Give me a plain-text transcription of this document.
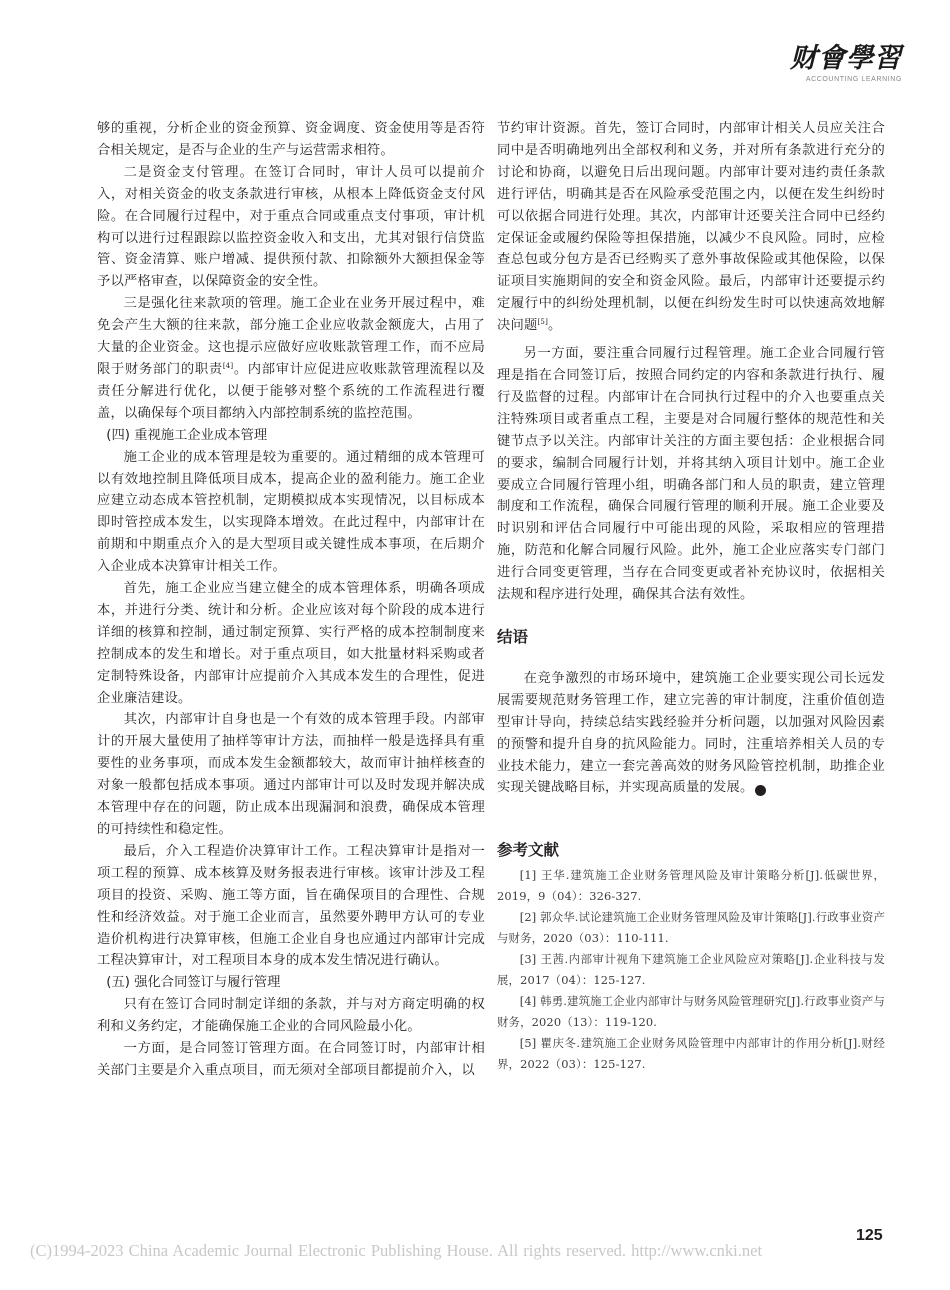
财會學習
ACCOUNTING LEARNING

够的重视，分析企业的资金预算、资金调度、资金使用等是否符合相关规定，是否与企业的生产与运营需求相符。

二是资金支付管理。在签订合同时，审计人员可以提前介入，对相关资金的收支条款进行审核，从根本上降低资金支付风险。在合同履行过程中，对于重点合同或重点支付事项，审计机构可以进行过程跟踪以监控资金收入和支出，尤其对银行信贷监管、资金清算、账户增减、提供预付款、扣除额外大额担保金等予以严格审查，以保障资金的安全性。

三是强化往来款项的管理。施工企业在业务开展过程中，难免会产生大额的往来款，部分施工企业应收款金额庞大，占用了大量的企业资金。这也提示应做好应收账款管理工作，而不应局限于财务部门的职责[4]。内部审计应促进应收账款管理流程以及责任分解进行优化，以便于能够对整个系统的工作流程进行覆盖，以确保每个项目都纳入内部控制系统的监控范围。

(四) 重视施工企业成本管理

施工企业的成本管理是较为重要的。通过精细的成本管理可以有效地控制且降低项目成本，提高企业的盈利能力。施工企业应建立动态成本管控机制，定期模拟成本实现情况，以目标成本即时管控成本发生，以实现降本增效。在此过程中，内部审计在前期和中期重点介入的是大型项目或关键性成本事项，在后期介入企业成本决算审计相关工作。

首先，施工企业应当建立健全的成本管理体系，明确各项成本，并进行分类、统计和分析。企业应该对每个阶段的成本进行详细的核算和控制，通过制定预算、实行严格的成本控制制度来控制成本的发生和增长。对于重点项目，如大批量材料采购或者定制特殊设备，内部审计应提前介入其成本发生的合理性，促进企业廉洁建设。

其次，内部审计自身也是一个有效的成本管理手段。内部审计的开展大量使用了抽样等审计方法，而抽样一般是选择具有重要性的业务事项，而成本发生金额都较大，故而审计抽样核查的对象一般都包括成本事项。通过内部审计可以及时发现并解决成本管理中存在的问题，防止成本出现漏洞和浪费，确保成本管理的可持续性和稳定性。

最后，介入工程造价决算审计工作。工程决算审计是指对一项工程的预算、成本核算及财务报表进行审核。该审计涉及工程项目的投资、采购、施工等方面，旨在确保项目的合理性、合规性和经济效益。对于施工企业而言，虽然要外聘甲方认可的专业造价机构进行决算审核，但施工企业自身也应通过内部审计完成工程决算审计，对工程项目本身的成本发生情况进行确认。

(五) 强化合同签订与履行管理

只有在签订合同时制定详细的条款，并与对方商定明确的权利和义务约定，才能确保施工企业的合同风险最小化。

一方面，是合同签订管理方面。在合同签订时，内部审计相关部门主要是介入重点项目，而无须对全部项目都提前介入，以

节约审计资源。首先，签订合同时，内部审计相关人员应关注合同中是否明确地列出全部权利和义务，并对所有条款进行充分的讨论和协商，以避免日后出现问题。内部审计要对违约责任条款进行评估，明确其是否在风险承受范围之内，以便在发生纠纷时可以依据合同进行处理。其次，内部审计还要关注合同中已经约定保证金或履约保险等担保措施，以减少不良风险。同时，应检查总包或分包方是否已经购买了意外事故保险或其他保险，以保证项目实施期间的安全和资金风险。最后，内部审计还要提示约定履行中的纠纷处理机制，以便在纠纷发生时可以快速高效地解决问题[5]。

另一方面，要注重合同履行过程管理。施工企业合同履行管理是指在合同签订后，按照合同约定的内容和条款进行执行、履行及监督的过程。内部审计在合同执行过程中的介入也要重点关注特殊项目或者重点工程，主要是对合同履行整体的规范性和关键节点予以关注。内部审计关注的方面主要包括：企业根据合同的要求，编制合同履行计划，并将其纳入项目计划中。施工企业要成立合同履行管理小组，明确各部门和人员的职责，建立管理制度和工作流程，确保合同履行管理的顺利开展。施工企业要及时识别和评估合同履行中可能出现的风险，采取相应的管理措施，防范和化解合同履行风险。此外，施工企业应落实专门部门进行合同变更管理，当存在合同变更或者补充协议时，依据相关法规和程序进行处理，确保其合法有效性。

结语

在竞争激烈的市场环境中，建筑施工企业要实现公司长远发展需要规范财务管理工作，建立完善的审计制度，注重价值创造型审计导向，持续总结实践经验并分析问题，以加强对风险因素的预警和提升自身的抗风险能力。同时，注重培养相关人员的专业技术能力，建立一套完善高效的财务风险管控机制，助推企业实现关键战略目标，并实现高质量的发展。	ⓓ

参考文献

[1] 王华.建筑施工企业财务管理风险及审计策略分析[J].低碳世界，2019，9（04）：326-327.

[2] 郭众华.试论建筑施工企业财务管理风险及审计策略[J].行政事业资产与财务，2020（03）：110-111.

[3] 王茜.内部审计视角下建筑施工企业风险应对策略[J].企业科技与发展，2017（04）：125-127.

[4] 韩勇.建筑施工企业内部审计与财务风险管理研究[J].行政事业资产与财务，2020（13）：119-120.

[5] 瞿庆冬.建筑施工企业财务风险管理中内部审计的作用分析[J].财经界，2022（03）：125-127.

125
(C)1994-2023 China Academic Journal Electronic Publishing House. All rights reserved. http://www.cnki.net
